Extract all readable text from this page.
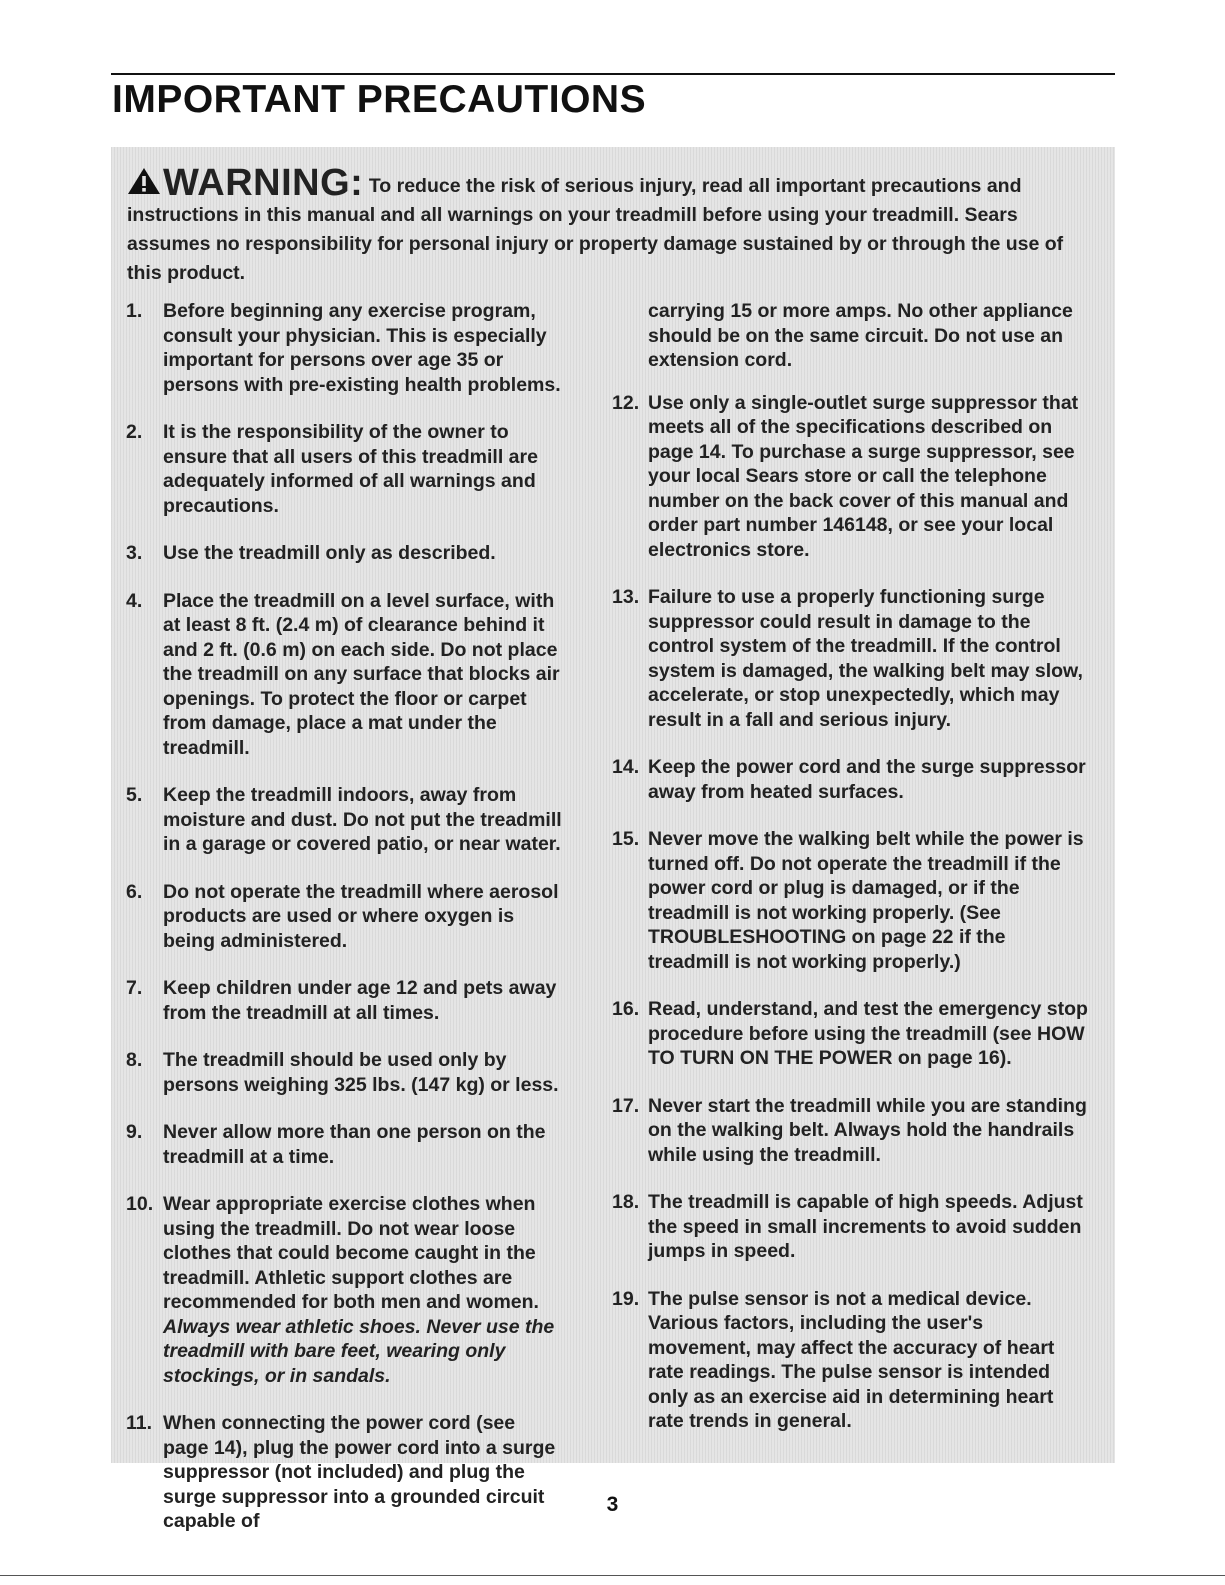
IMPORTANT PRECAUTIONS

WARNING: To reduce the risk of serious injury, read all important precautions and instructions in this manual and all warnings on your treadmill before using your treadmill. Sears assumes no responsibility for personal injury or property damage sustained by or through the use of this product.

1.	Before beginning any exercise program, consult your physician. This is especially important for persons over age 35 or persons with pre-existing health problems.
2.	It is the responsibility of the owner to ensure that all users of this treadmill are adequately informed of all warnings and precautions.
3.	Use the treadmill only as described.
4.	Place the treadmill on a level surface, with at least 8 ft. (2.4 m) of clearance behind it and 2 ft. (0.6 m) on each side. Do not place the treadmill on any surface that blocks air openings. To protect the floor or carpet from damage, place a mat under the treadmill.
5.	Keep the treadmill indoors, away from moisture and dust. Do not put the treadmill in a garage or covered patio, or near water.
6.	Do not operate the treadmill where aerosol products are used or where oxygen is being administered.
7.	Keep children under age 12 and pets away from the treadmill at all times.
8.	The treadmill should be used only by persons weighing 325 lbs. (147 kg) or less.
9.	Never allow more than one person on the treadmill at a time.
10. Wear appropriate exercise clothes when using the treadmill. Do not wear loose clothes that could become caught in the treadmill. Athletic support clothes are recommended for both men and women. Always wear athletic shoes. Never use the treadmill with bare feet, wearing only stockings, or in sandals.
11. When connecting the power cord (see page 14), plug the power cord into a surge suppressor (not included) and plug the surge suppressor into a grounded circuit capable of
carrying 15 or more amps. No other appliance should be on the same circuit. Do not use an extension cord.
12. Use only a single-outlet surge suppressor that meets all of the specifications described on page 14. To purchase a surge suppressor, see your local Sears store or call the telephone number on the back cover of this manual and order part number 146148, or see your local electronics store.
13. Failure to use a properly functioning surge suppressor could result in damage to the control system of the treadmill. If the control system is damaged, the walking belt may slow, accelerate, or stop unexpectedly, which may result in a fall and serious injury.
14. Keep the power cord and the surge suppressor away from heated surfaces.
15. Never move the walking belt while the power is turned off. Do not operate the treadmill if the power cord or plug is damaged, or if the treadmill is not working properly. (See TROUBLESHOOTING on page 22 if the treadmill is not working properly.)
16. Read, understand, and test the emergency stop procedure before using the treadmill (see HOW TO TURN ON THE POWER on page 16).
17. Never start the treadmill while you are standing on the walking belt. Always hold the handrails while using the treadmill.
18. The treadmill is capable of high speeds. Adjust the speed in small increments to avoid sudden jumps in speed.
19. The pulse sensor is not a medical device. Various factors, including the user's movement, may affect the accuracy of heart rate readings. The pulse sensor is intended only as an exercise aid in determining heart rate trends in general.
3
